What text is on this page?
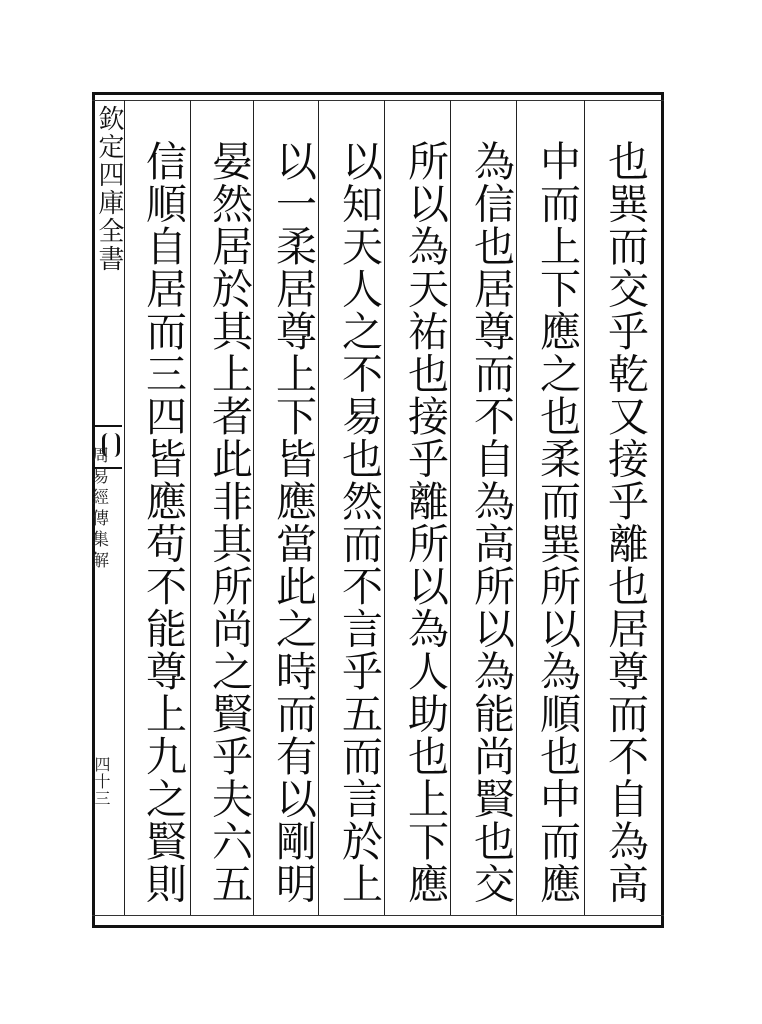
欽定四庫全書
周易經傳集解
四十三
也巽而交乎乾又接乎離也居尊而不自為高
中而上下應之也柔而巽所以為順也中而應
為信也居尊而不自為高所以為能尚賢也交
所以為天祐也接乎離所以為人助也上下應
以知天人之不易也然而不言乎五而言於上
以一柔居尊上下皆應當此之時而有以剛明
晏然居於其上者此非其所尚之賢乎夫六五
信順自居而三四皆應苟不能尊上九之賢則
